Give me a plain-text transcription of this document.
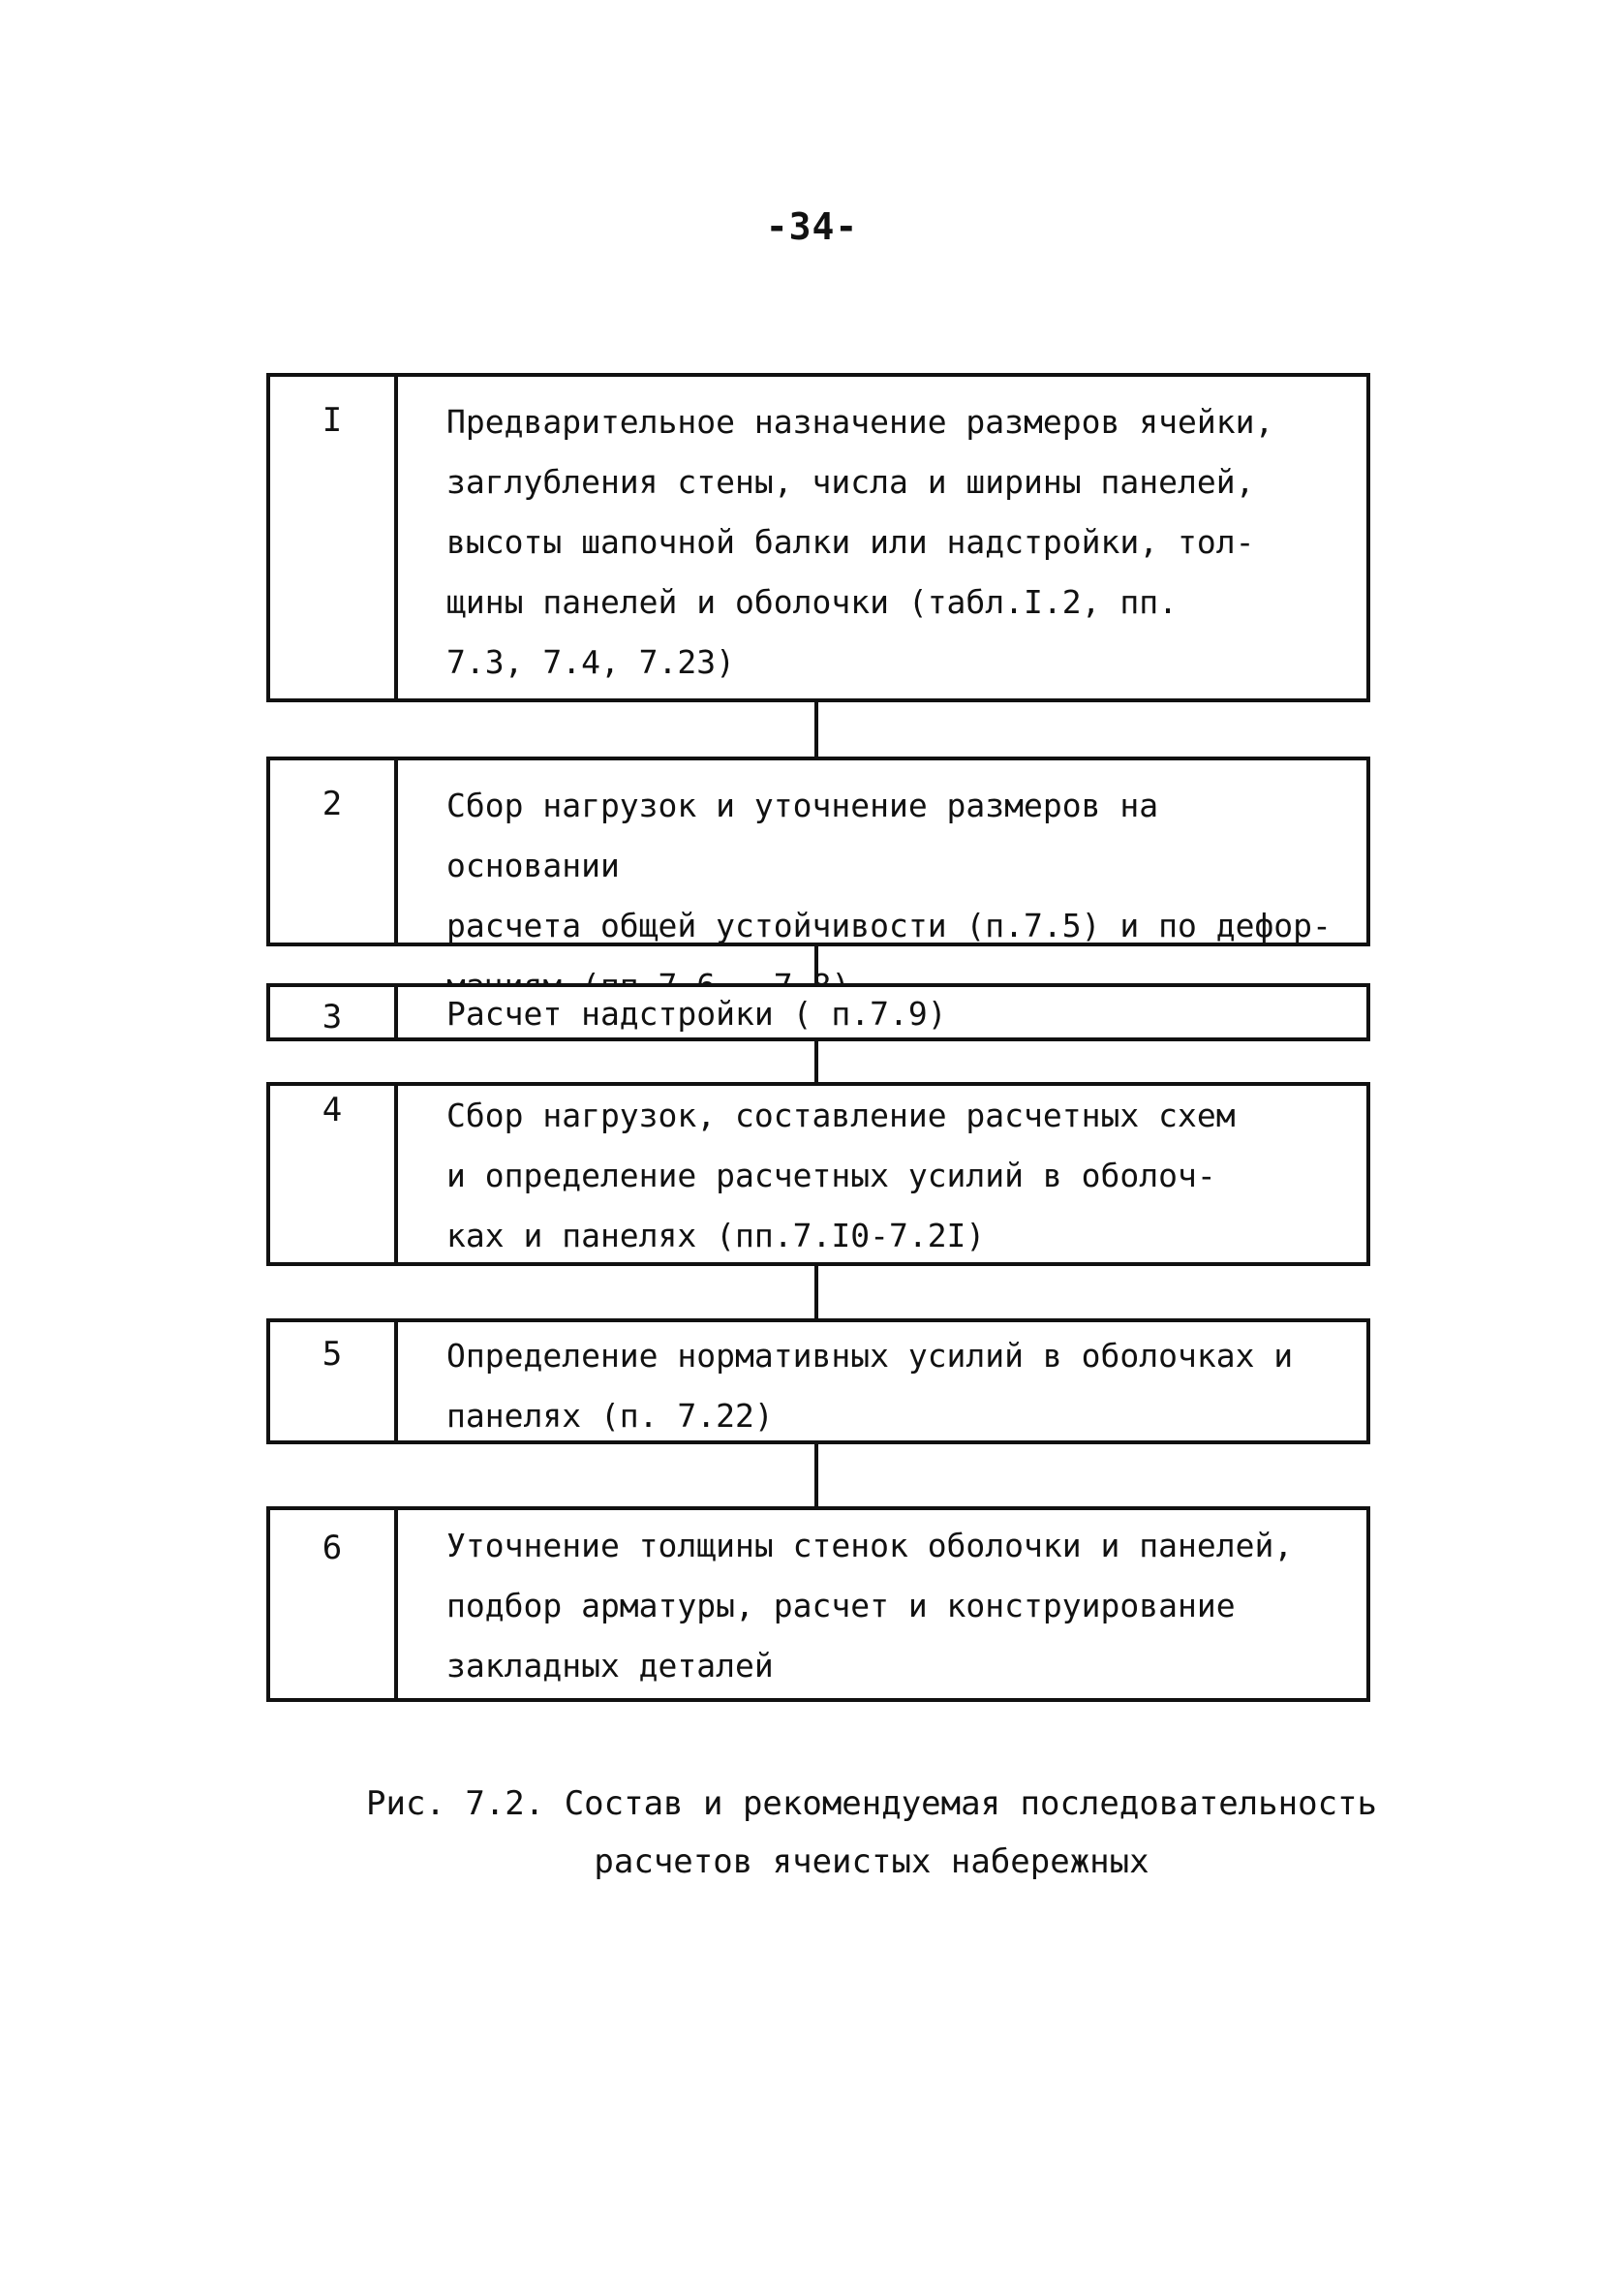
-34-
I	Предварительное назначение размеров ячейки,
заглубления стены, числа и ширины панелей,
высоты шапочной балки или надстройки, тол-
щины панелей и оболочки (табл.I.2, пп.
7.3, 7.4, 7.23)
2	Сбор нагрузок и уточнение размеров на основании
расчета общей устойчивости (п.7.5) и по дефор-

3	Расчет надстройки ( п.7.9)
4	Сбор нагрузок, составление расчетных схем
и определение расчетных усилий в оболоч-
ках и панелях (пп.7.I0-7.2I)
5	Определение нормативных усилий в оболочках и
панелях (п. 7.22)
6	Уточнение толщины стенок оболочки и панелей,
подбор арматуры, расчет и конструирование
закладных деталей
Рис. 7.2. Состав и рекомендуемая последовательность
расчетов ячеистых набережных
